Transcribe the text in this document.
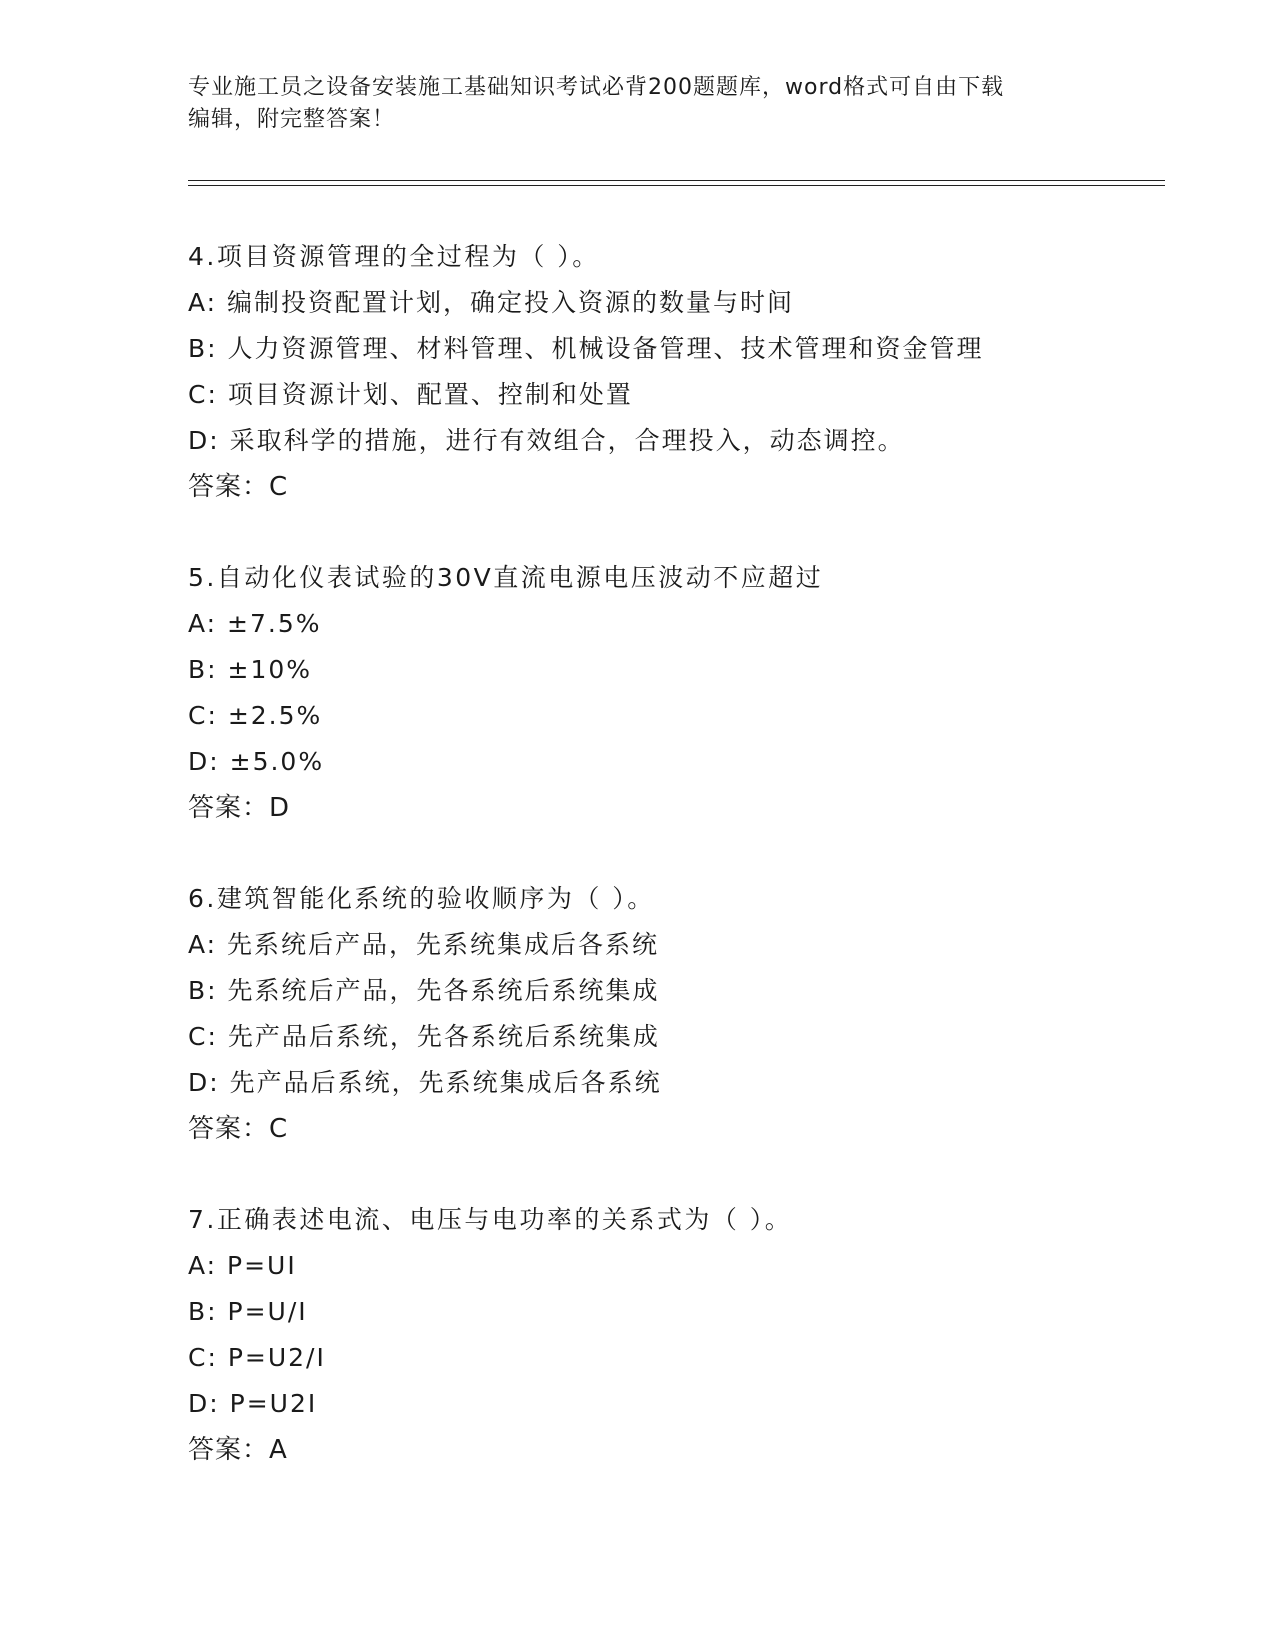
专业施工员之设备安装施工基础知识考试必背200题题库，word格式可自由下载
编辑，附完整答案！
4.项目资源管理的全过程为（ ）。
A: 编制投资配置计划，确定投入资源的数量与时间
B: 人力资源管理、材料管理、机械设备管理、技术管理和资金管理
C: 项目资源计划、配置、控制和处置
D: 采取科学的措施，进行有效组合，合理投入，动态调控。
答案：C
5.自动化仪表试验的30V直流电源电压波动不应超过
A: ±7.5%
B: ±10%
C: ±2.5%
D: ±5.0%
答案：D
6.建筑智能化系统的验收顺序为（ ）。
A: 先系统后产品，先系统集成后各系统
B: 先系统后产品，先各系统后系统集成
C: 先产品后系统，先各系统后系统集成
D: 先产品后系统，先系统集成后各系统
答案：C
7.正确表述电流、电压与电功率的关系式为（ ）。
A: P=UI
B: P=U/I
C: P=U2/I
D: P=U2I
答案：A
